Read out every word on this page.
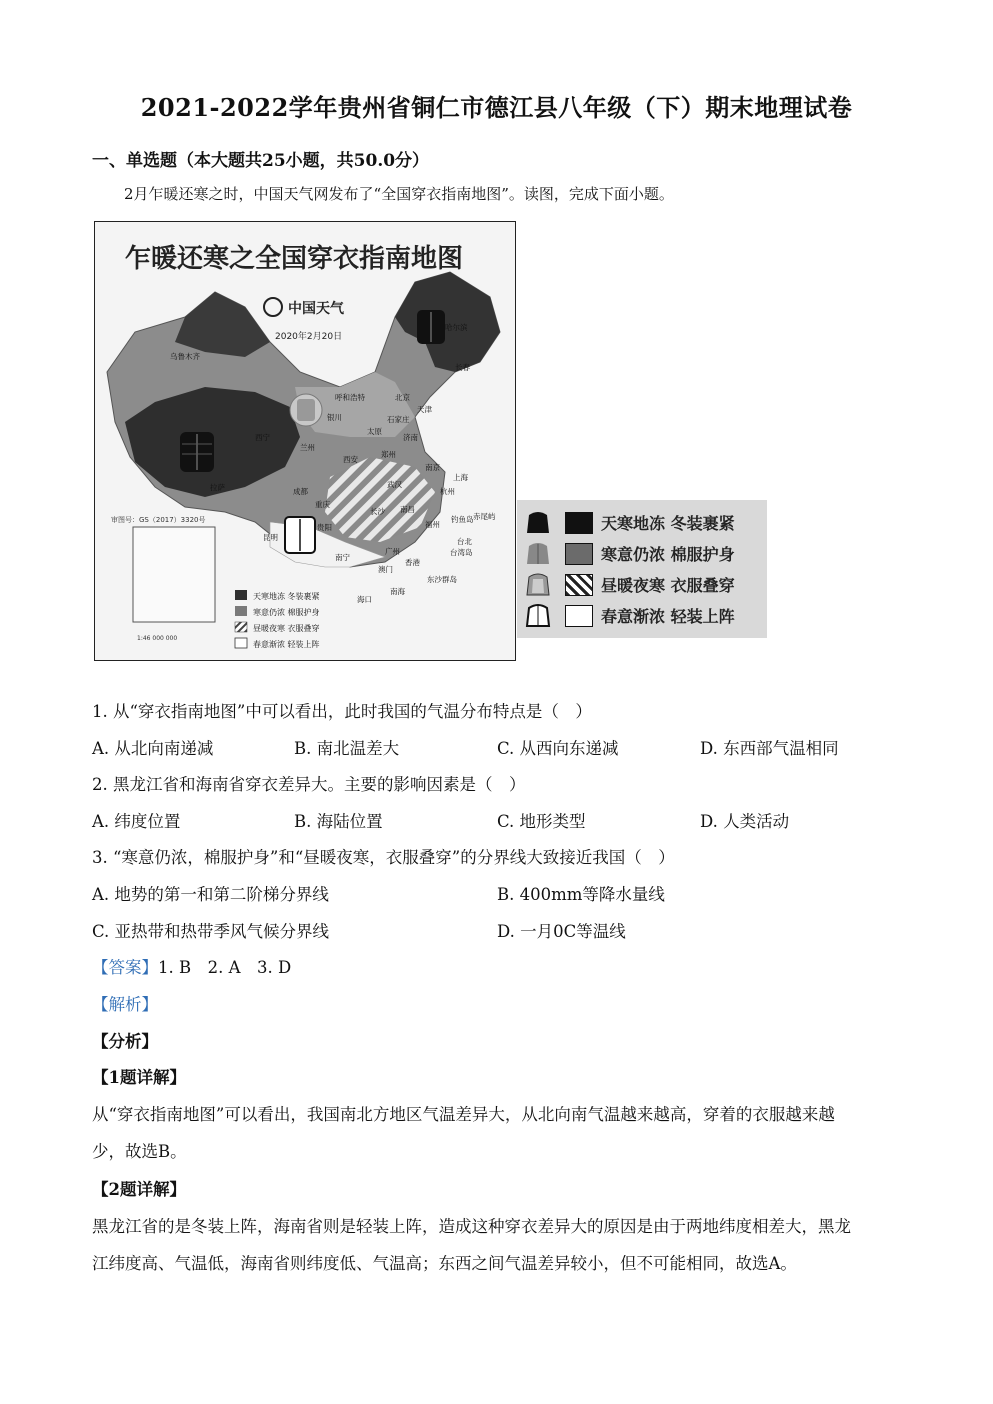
2021-2022学年贵州省铜仁市德江县八年级（下）期末地理试卷
一、单选题（本大题共25小题，共50.0分）
2月乍暖还寒之时，中国天气网发布了“全国穿衣指南地图”。读图，完成下面小题。
乍暖还寒之全国穿衣指南地图
中国天气
2020年2月20日
审图号：GS（2017）3320号
1:46 000 000
乌鲁木齐
哈尔滨
长春
呼和浩特	北京
天津
太原
石家庄
济南
西宁
兰州
银川
西安
郑州
拉萨	成都
重庆
武汉
南京
上海
杭州
昆明
贵阳
长沙 南昌
福州
台北
南宁
广州
香港
澳门
海口
钓鱼岛 赤尾屿
台湾岛
东沙群岛
南海
天寒地冻 冬装裹紧
寒意仍浓 棉服护身
昼暖夜寒 衣服叠穿
春意渐浓 轻装上阵
天寒地冻 冬装裹紧
寒意仍浓 棉服护身
昼暖夜寒 衣服叠穿
春意渐浓 轻装上阵
1. 从“穿衣指南地图”中可以看出，此时我国的气温分布特点是（　）
A. 从北向南递减	B. 南北温差大	C. 从西向东递减	D. 东西部气温相同
2. 黑龙江省和海南省穿衣差异大。主要的影响因素是（　）
A. 纬度位置	B. 海陆位置	C. 地形类型	D. 人类活动
3. “寒意仍浓，棉服护身”和“昼暖夜寒，衣服叠穿”的分界线大致接近我国（　）
A. 地势的第一和第二阶梯分界线	B. 400mm等降水量线
C. 亚热带和热带季风气候分界线	D. 一月0C等温线
【答案】1. B　2. A　3. D
【解析】
【分析】
【1题详解】
从“穿衣指南地图”可以看出，我国南北方地区气温差异大，从北向南气温越来越高，穿着的衣服越来越
少，故选B。
【2题详解】
黑龙江省的是冬装上阵，海南省则是轻装上阵，造成这种穿衣差异大的原因是由于两地纬度相差大，黑龙
江纬度高、气温低，海南省则纬度低、气温高；东西之间气温差异较小，但不可能相同，故选A。
